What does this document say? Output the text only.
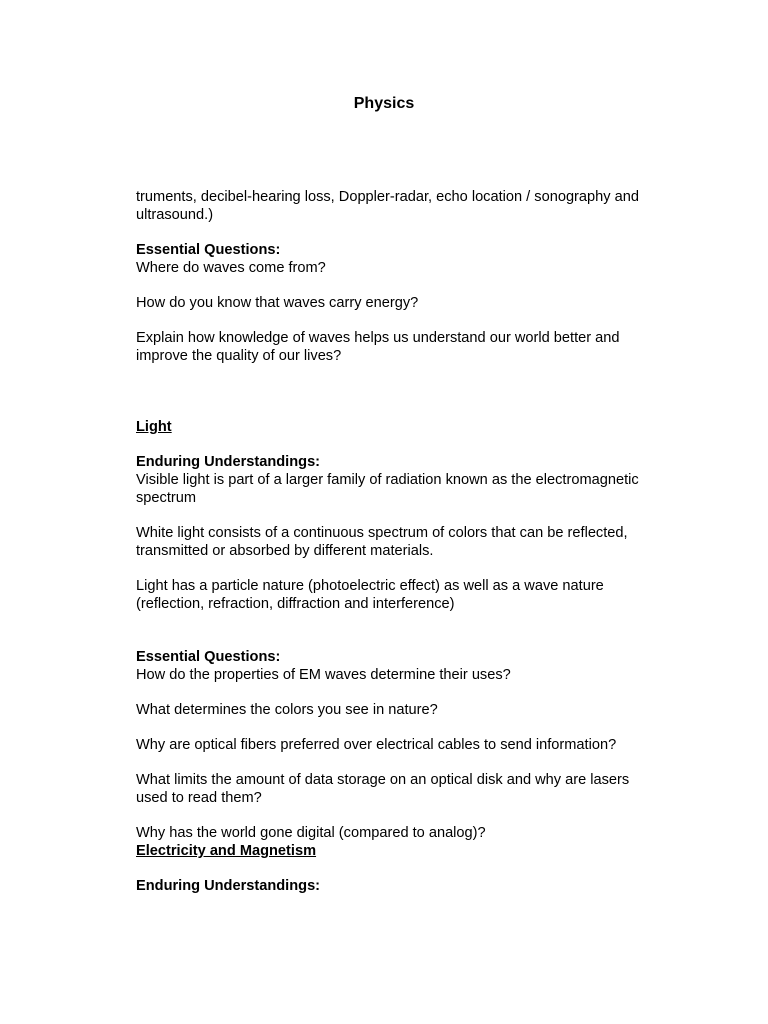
Physics

truments, decibel-hearing loss, Doppler-radar, echo location / sonography and

ultrasound.)

Essential Questions:

Where do waves come from?

How do you know that waves carry energy?

Explain how knowledge of waves helps us understand our world better and

improve the quality of our lives?

Light

Enduring Understandings:

Visible light is part of a larger family of radiation known as the electromagnetic

spectrum

White light consists of a continuous spectrum of colors that can be reflected,

transmitted or absorbed by different materials.

Light has a particle nature (photoelectric effect) as well as a wave nature

(reflection, refraction, diffraction and interference)

Essential Questions:

How do the properties of EM waves determine their uses?

What determines the colors you see in nature?

Why are optical fibers preferred over electrical cables to send information?

What limits the amount of data storage on an optical disk and why are lasers

used to read them?

Why has the world gone digital (compared to analog)?

Electricity and Magnetism

Enduring Understandings:
